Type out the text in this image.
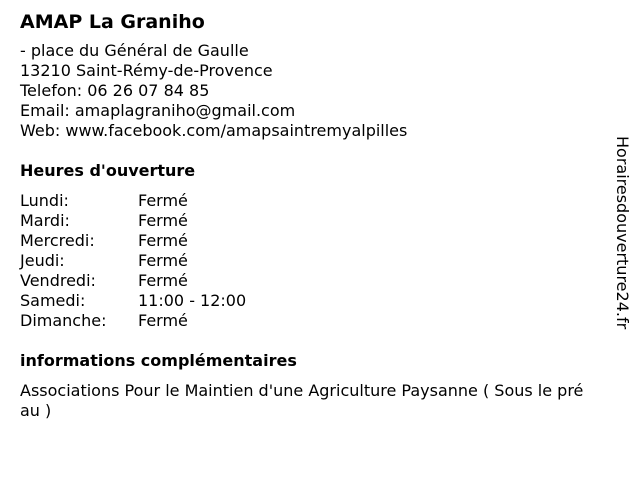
AMAP La Graniho
- place du Général de Gaulle
13210 Saint-Rémy-de-Provence
Telefon: 06 26 07 84 85
Email: amaplagraniho@gmail.com
Web: www.facebook.com/amapsaintremyalpilles
Heures d'ouverture
Lundi:	Fermé
Mardi:	Fermé
Mercredi:	Fermé
Jeudi:	Fermé
Vendredi:	Fermé
Samedi:	11:00 - 12:00
Dimanche: Fermé
informations complémentaires
Associations Pour le Maintien d'une Agriculture Paysanne ( Sous le préau )
Horairesdouverture24.fr
